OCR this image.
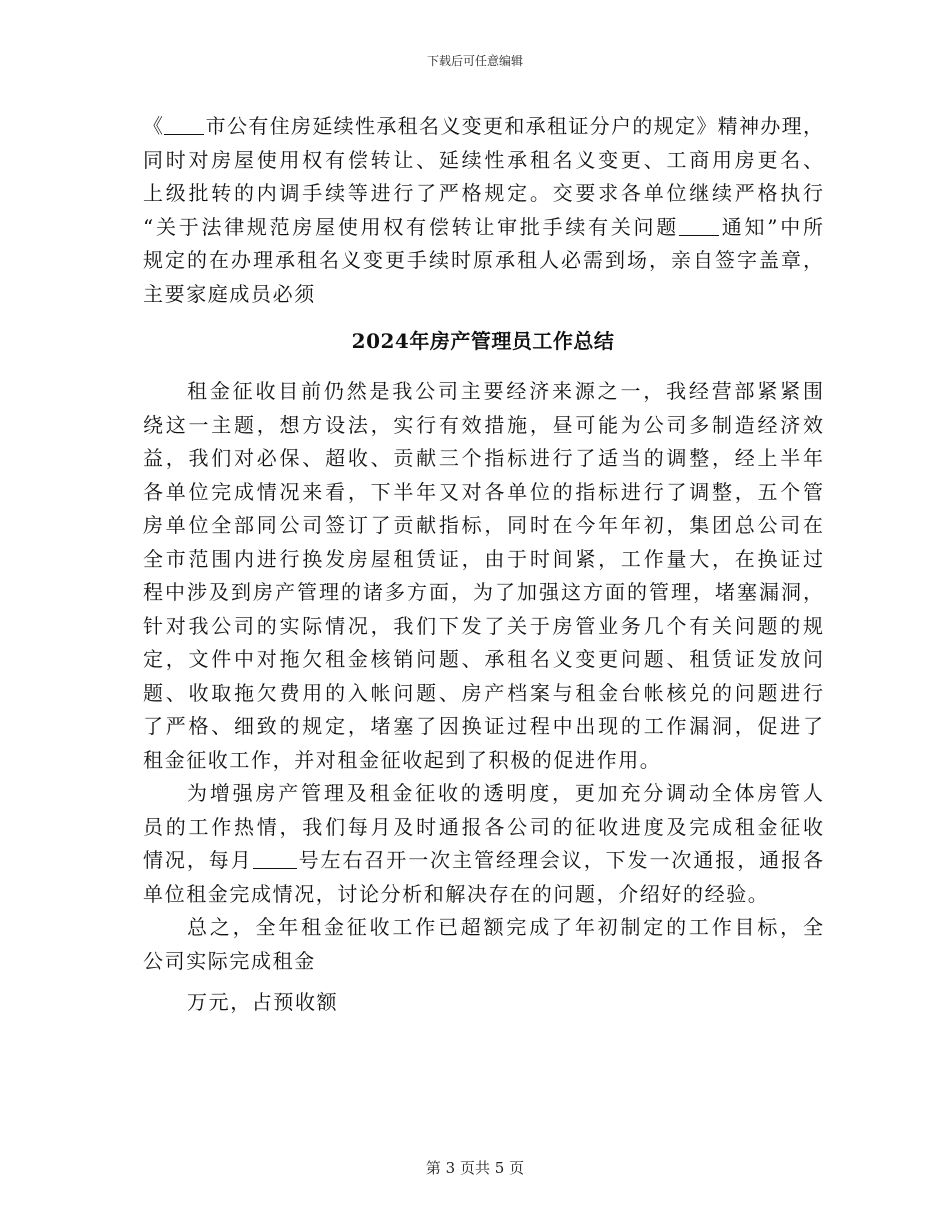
下载后可任意编辑
《 市公有住房延续性承租名义变更和承租证分户的规定》精神办理，
同时对房屋使用权有偿转让、延续性承租名义变更、工商用房更名、
上级批转的内调手续等进行了严格规定。交要求各单位继续严格执行
“关于法律规范房屋使用权有偿转让审批手续有关问题 通知”中所
规定的在办理承租名义变更手续时原承租人必需到场，亲自签字盖章，
主要家庭成员必须
2024年房产管理员工作总结
租金征收目前仍然是我公司主要经济来源之一，我经营部紧紧围
绕这一主题，想方设法，实行有效措施，昼可能为公司多制造经济效
益，我们对必保、超收、贡献三个指标进行了适当的调整，经上半年
各单位完成情况来看，下半年又对各单位的指标进行了调整，五个管
房单位全部同公司签订了贡献指标，同时在今年年初，集团总公司在
全市范围内进行换发房屋租赁证，由于时间紧，工作量大，在换证过
程中涉及到房产管理的诸多方面，为了加强这方面的管理，堵塞漏洞，
针对我公司的实际情况，我们下发了关于房管业务几个有关问题的规
定，文件中对拖欠租金核销问题、承租名义变更问题、租赁证发放问
题、收取拖欠费用的入帐问题、房产档案与租金台帐核兑的问题进行
了严格、细致的规定，堵塞了因换证过程中出现的工作漏洞，促进了
租金征收工作，并对租金征收起到了积极的促进作用。
为增强房产管理及租金征收的透明度，更加充分调动全体房管人
员的工作热情，我们每月及时通报各公司的征收进度及完成租金征收
情况，每月 号左右召开一次主管经理会议，下发一次通报，通报各
单位租金完成情况，讨论分析和解决存在的问题，介绍好的经验。
总之，全年租金征收工作已超额完成了年初制定的工作目标，全
公司实际完成租金
万元，占预收额
第 3 页共 5 页
